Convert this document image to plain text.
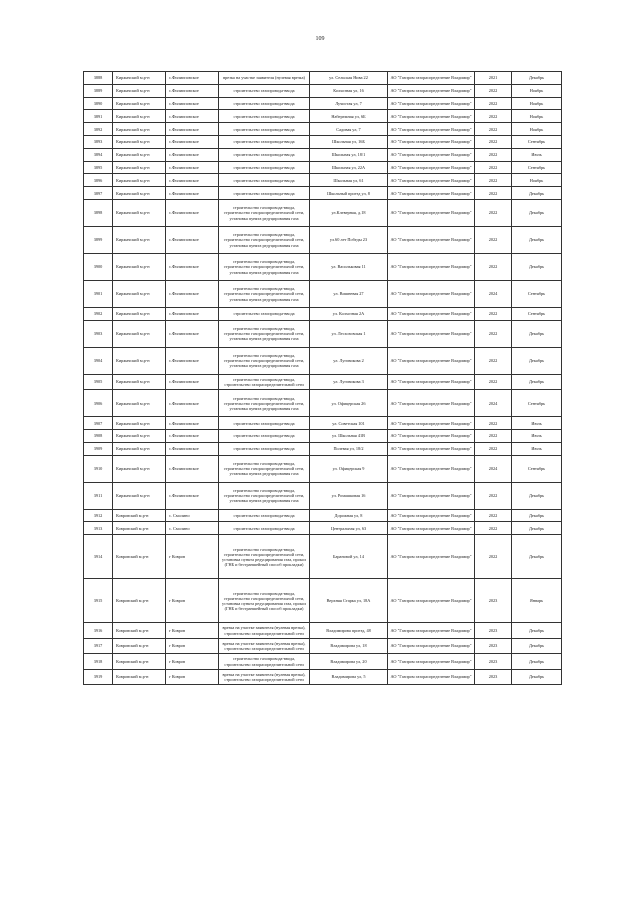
109
3888	Киржачский м.р-н	с.Филипповское	врезка на участке заявителя (нулевая врезка)	ул. Сельская Нива 22	АО "Газпром газораспределение Владимир"	2021	Декабрь
3889	Киржачский м.р-н	с.Филипповское	строительство газопровода-ввода	Колхозная ул, 16	АО "Газпром газораспределение Владимир"	2022	Ноябрь
3890	Киржачский м.р-н	с.Филипповское	строительство газопровода-ввода	Лучистая ул, 7	АО "Газпром газораспределение Владимир"	2022	Ноябрь
3891	Киржачский м.р-н	с.Филипповское	строительство газопровода-ввода	Набережная ул, 6Б	АО "Газпром газораспределение Владимир"	2022	Ноябрь
3892	Киржачский м.р-н	с.Филипповское	строительство газопровода-ввода	Садовая ул, 7	АО "Газпром газораспределение Владимир"	2022	Ноябрь
3893	Киржачский м.р-н	с.Филипповское	строительство газопровода-ввода	Школьная ул, 16Б	АО "Газпром газораспределение Владимир"	2022	Сентябрь
3894	Киржачский м.р-н	с.Филипповское	строительство газопровода-ввода	Школьная ул, 18/1	АО "Газпром газораспределение Владимир"	2022	Июль
3895	Киржачский м.р-н	с.Филипповское	строительство газопровода-ввода	Школьная ул, 22А	АО "Газпром газораспределение Владимир"	2022	Сентябрь
3896	Киржачский м.р-н	с.Филипповское	строительство газопровода-ввода	Школьная ул, 61	АО "Газпром газораспределение Владимир"	2022	Ноябрь
3897	Киржачский м.р-н	с.Филипповское	строительство газопровода-ввода	Школьный проезд ул, 8	АО "Газпром газораспределение Владимир"	2022	Декабрь
3898	Киржачский м.р-н	с.Филипповское	строительство газопровода-ввода, строительство газораспределительной сети, установка пункта редуцирования газа	ул.Клеверная, д.18	АО "Газпром газораспределение Владимир"	2022	Декабрь
3899	Киржачский м.р-н	с.Филипповское	строительство газопровода-ввода, строительство газораспределительной сети, установка пункта редуцирования газа	ул.60 лет Победы 23	АО "Газпром газораспределение Владимир"	2022	Декабрь
3900	Киржачский м.р-н	с.Филипповское	строительство газопровода-ввода, строительство газораспределительной сети, установка пункта редуцирования газа	ул. Васильковая 11	АО "Газпром газораспределение Владимир"	2022	Декабрь
3901	Киржачский м.р-н	с.Филипповское	строительство газопровода-ввода, строительство газораспределительной сети, установка пункта редуцирования газа	ул. Вишневая 27	АО "Газпром газораспределение Владимир"	2024	Сентябрь
3902	Киржачский м.р-н	с.Филипповское	строительство газопровода-ввода	ул. Колхозная 2А	АО "Газпром газораспределение Владимир"	2022	Сентябрь
3903	Киржачский м.р-н	с.Филипповское	строительство газопровода-ввода, строительство газораспределительной сети, установка пункта редуцирования газа	ул. Лесхозовская 1	АО "Газпром газораспределение Владимир"	2022	Декабрь
3904	Киржачский м.р-н	с.Филипповское	строительство газопровода-ввода, строительство газораспределительной сети, установка пункта редуцирования газа	ул. Луговикова 2	АО "Газпром газораспределение Владимир"	2022	Декабрь
3905	Киржачский м.р-н	с.Филипповское	строительство газопровода-ввода, строительство газораспределительной сети	ул. Луговикова 3	АО "Газпром газораспределение Владимир"	2022	Декабрь
3906	Киржачский м.р-н	с.Филипповское	строительство газопровода-ввода, строительство газораспределительной сети, установка пункта редуцирования газа	ул. Офицерская 26	АО "Газпром газораспределение Владимир"	2024	Сентябрь
3907	Киржачский м.р-н	с.Филипповское	строительство газопровода-ввода	ул. Советская 101	АО "Газпром газораспределение Владимир"	2022	Июль
3908	Киржачский м.р-н	с.Филипповское	строительство газопровода-ввода	ул. Школьная 41В	АО "Газпром газораспределение Владимир"	2022	Июль
3909	Киржачский м.р-н	с.Филипповское	строительство газопровода-ввода	Полевая ул, 18/2	АО "Газпром газораспределение Владимир"	2022	Июль
3910	Киржачский м.р-н	с.Филипповское	строительство газопровода-ввода, строительство газораспределительной сети, установка пункта редуцирования газа	ул. Офицерская 9	АО "Газпром газораспределение Владимир"	2024	Сентябрь
3911	Киржачский м.р-н	с.Филипповское	строительство газопровода-ввода, строительство газораспределительной сети, установка пункта редуцирования газа	ул. Ромашковая 16	АО "Газпром газораспределение Владимир"	2022	Декабрь
3912	Ковровский м.р-н	с. Смолино	строительство газопровода-ввода	Дорожная ул, 8	АО "Газпром газораспределение Владимир"	2022	Декабрь
3913	Ковровский м.р-н	с. Смолино	строительство газопровода-ввода	Центральная ул, 63	АО "Газпром газораспределение Владимир"	2022	Декабрь
3914	Ковровский м.р-н	г Ковров	строительство газопровода-ввода, строительство газораспределительной сети, установка пункта редуцирования газа, прокол (ГНБ и бестраншейный способ прокладки)	Барановой ул, 14	АО "Газпром газораспределение Владимир"	2022	Декабрь
3915	Ковровский м.р-н	г Ковров	строительство газопровода-ввода, строительство газораспределительной сети, установка пункта редуцирования газа, прокол (ГНБ и бестраншейный способ прокладки)	Верхняя Старка ул, 18А	АО "Газпром газораспределение Владимир"	2023	Январь
3916	Ковровский м.р-н	г Ковров	врезка на участке заявителя (нулевая врезка), строительство газораспределительной сети	Владимирова проезд, 48	АО "Газпром газораспределение Владимир"	2023	Декабрь
3917	Ковровский м.р-н	г Ковров	врезка на участке заявителя (нулевая врезка), строительство газораспределительной сети	Владимирова ул, 18	АО "Газпром газораспределение Владимир"	2023	Декабрь
3918	Ковровский м.р-н	г Ковров	строительство газопровода-ввода, строительство газораспределительной сети	Владимирова ул, 20	АО "Газпром газораспределение Владимир"	2023	Декабрь
3919	Ковровский м.р-н	г Ковров	врезка на участке заявителя (нулевая врезка), строительство газораспределительной сети	Владимирова ул, 5	АО "Газпром газораспределение Владимир"	2023	Декабрь
